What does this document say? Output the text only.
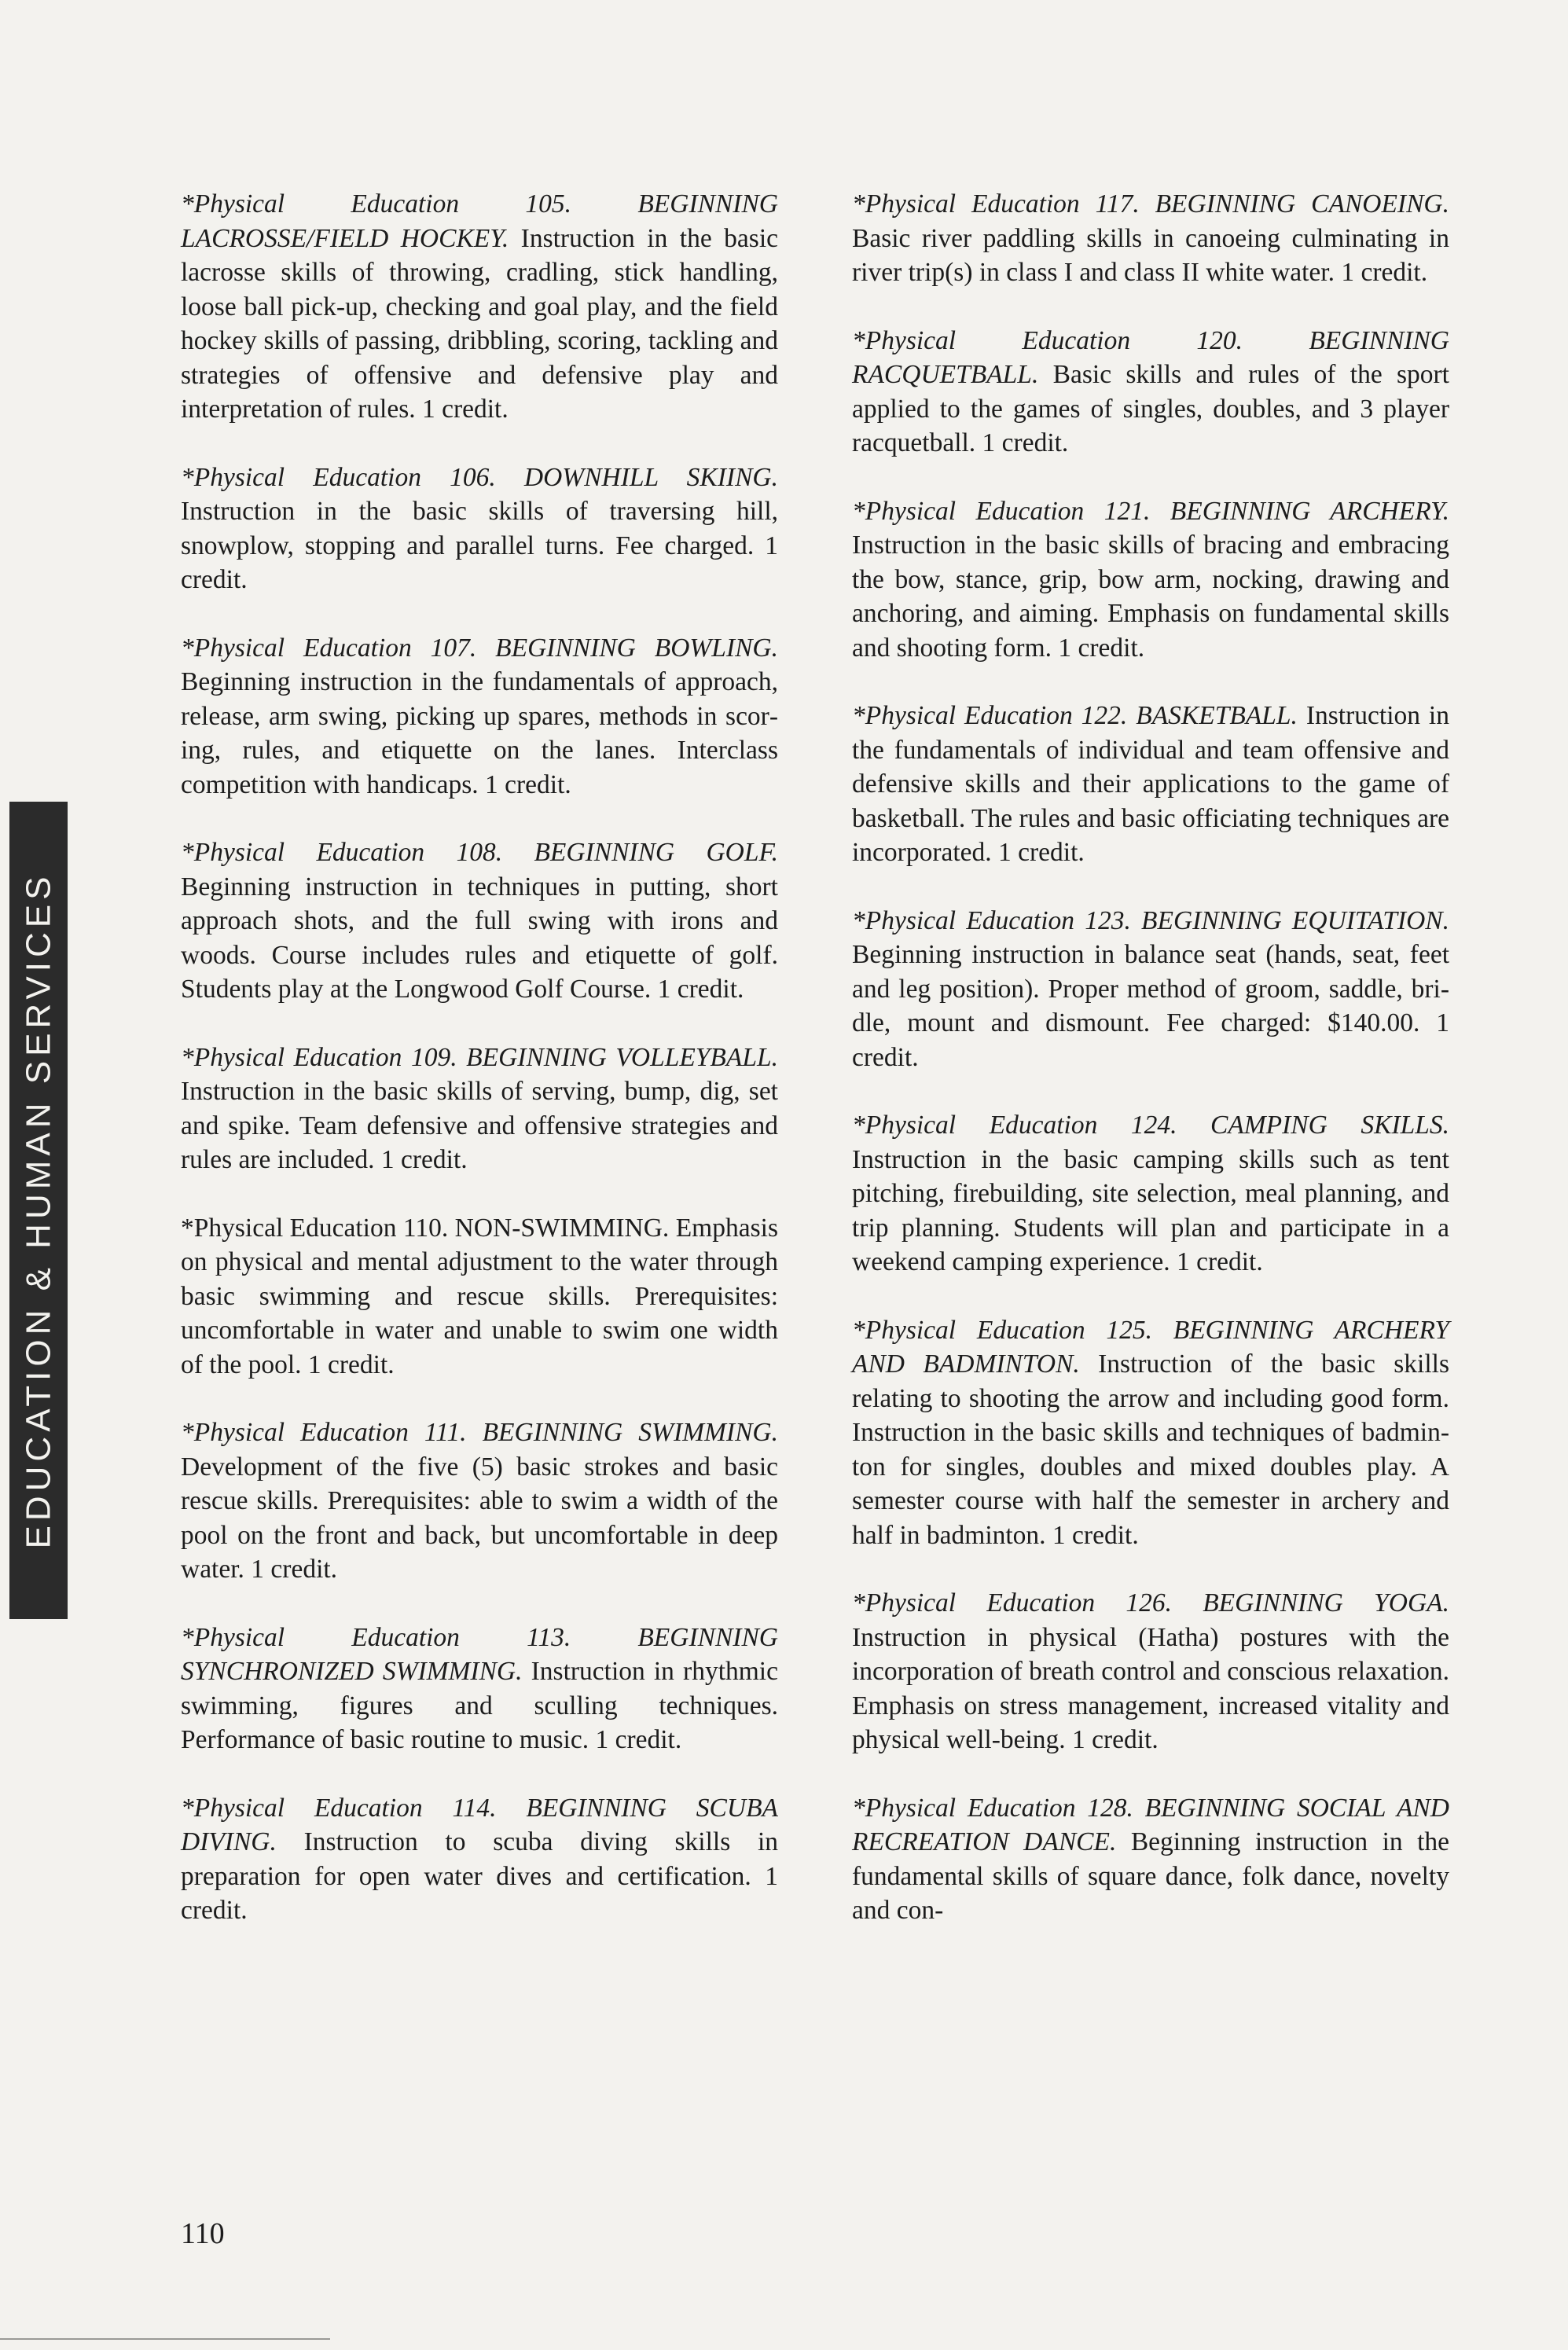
EDUCATION & HUMAN SERVICES

*Physical Education 105. BEGINNING LACROSSE/FIELD HOCKEY. Instruction in the basic lacrosse skills of throwing, cradling, stick handling, loose ball pick-up, checking and goal play, and the field hockey skills of passing, dribbling, scoring, tackling and strategies of offensive and defensive play and interpretation of rules. 1 credit.

*Physical Education 106. DOWNHILL SKIING. Instruction in the basic skills of traversing hill, snowplow, stopping and parallel turns. Fee charged. 1 credit.

*Physical Education 107. BEGINNING BOWLING. Beginning instruction in the fundamentals of approach, release, arm swing, picking up spares, methods in scoring, rules, and etiquette on the lanes. Interclass competition with handicaps. 1 credit.

*Physical Education 108. BEGINNING GOLF. Beginning instruction in techniques in putting, short approach shots, and the full swing with irons and woods. Course includes rules and etiquette of golf. Students play at the Longwood Golf Course. 1 credit.

*Physical Education 109. BEGINNING VOLLEYBALL. Instruction in the basic skills of serving, bump, dig, set and spike. Team defensive and offensive strategies and rules are included. 1 credit.

*Physical Education 110. NON-SWIMMING. Emphasis on physical and mental adjustment to the water through basic swimming and rescue skills. Prerequisites: uncomfortable in water and unable to swim one width of the pool. 1 credit.

*Physical Education 111. BEGINNING SWIMMING. Development of the five (5) basic strokes and basic rescue skills. Prerequisites: able to swim a width of the pool on the front and back, but uncomfortable in deep water. 1 credit.

*Physical Education 113. BEGINNING SYNCHRONIZED SWIMMING. Instruction in rhythmic swimming, figures and sculling techniques. Performance of basic routine to music. 1 credit.

*Physical Education 114. BEGINNING SCUBA DIVING. Instruction to scuba diving skills in preparation for open water dives and certification. 1 credit.

*Physical Education 117. BEGINNING CANOEING. Basic river paddling skills in canoeing culminating in river trip(s) in class I and class II white water. 1 credit.

*Physical Education 120. BEGINNING RACQUETBALL. Basic skills and rules of the sport applied to the games of singles, doubles, and 3 player racquetball. 1 credit.

*Physical Education 121. BEGINNING ARCHERY. Instruction in the basic skills of bracing and embracing the bow, stance, grip, bow arm, nocking, drawing and anchoring, and aiming. Emphasis on fundamental skills and shooting form. 1 credit.

*Physical Education 122. BASKETBALL. Instruction in the fundamentals of individual and team offensive and defensive skills and their applications to the game of basketball. The rules and basic officiating techniques are incorporated. 1 credit.

*Physical Education 123. BEGINNING EQUITATION. Beginning instruction in balance seat (hands, seat, feet and leg position). Proper method of groom, saddle, bridle, mount and dismount. Fee charged: $140.00. 1 credit.

*Physical Education 124. CAMPING SKILLS. Instruction in the basic camping skills such as tent pitching, firebuilding, site selection, meal planning, and trip planning. Students will plan and participate in a weekend camping experience. 1 credit.

*Physical Education 125. BEGINNING ARCHERY AND BADMINTON. Instruction of the basic skills relating to shooting the arrow and including good form. Instruction in the basic skills and techniques of badminton for singles, doubles and mixed doubles play. A semester course with half the semester in archery and half in badminton. 1 credit.

*Physical Education 126. BEGINNING YOGA. Instruction in physical (Hatha) postures with the incorporation of breath control and conscious relaxation. Emphasis on stress management, increased vitality and physical well-being. 1 credit.

*Physical Education 128. BEGINNING SOCIAL AND RECREATION DANCE. Beginning instruction in the fundamental skills of square dance, folk dance, novelty and con-

110
